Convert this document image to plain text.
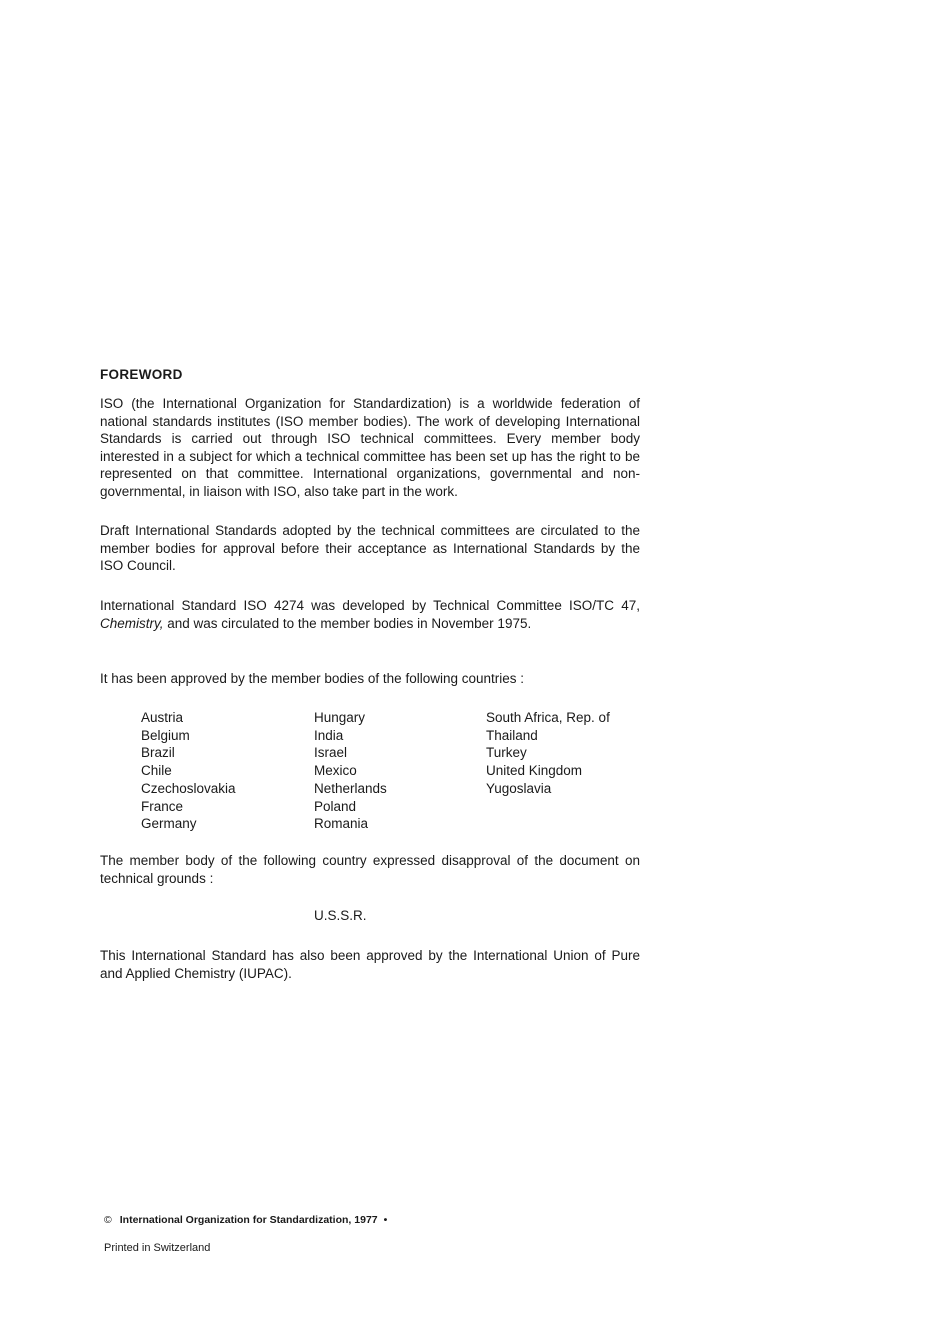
FOREWORD

ISO (the International Organization for Standardization) is a worldwide federation of national standards institutes (ISO member bodies). The work of developing International Standards is carried out through ISO technical committees. Every member body interested in a subject for which a technical committee has been set up has the right to be represented on that committee. International organizations, governmental and non-governmental, in liaison with ISO, also take part in the work.

Draft International Standards adopted by the technical committees are circulated to the member bodies for approval before their acceptance as International Standards by the ISO Council.

International Standard ISO 4274 was developed by Technical Committee ISO/TC 47, Chemistry, and was circulated to the member bodies in November 1975.

It has been approved by the member bodies of the following countries :

Austria
Belgium
Brazil
Chile
Czechoslovakia
France
Germany
Hungary
India
Israel
Mexico
Netherlands
Poland
Romania
South Africa, Rep. of
Thailand
Turkey
United Kingdom
Yugoslavia

The member body of the following country expressed disapproval of the document on technical grounds :

U.S.S.R.

This International Standard has also been approved by the International Union of Pure and Applied Chemistry (IUPAC).

© International Organization for Standardization, 1977 •
Printed in Switzerland
